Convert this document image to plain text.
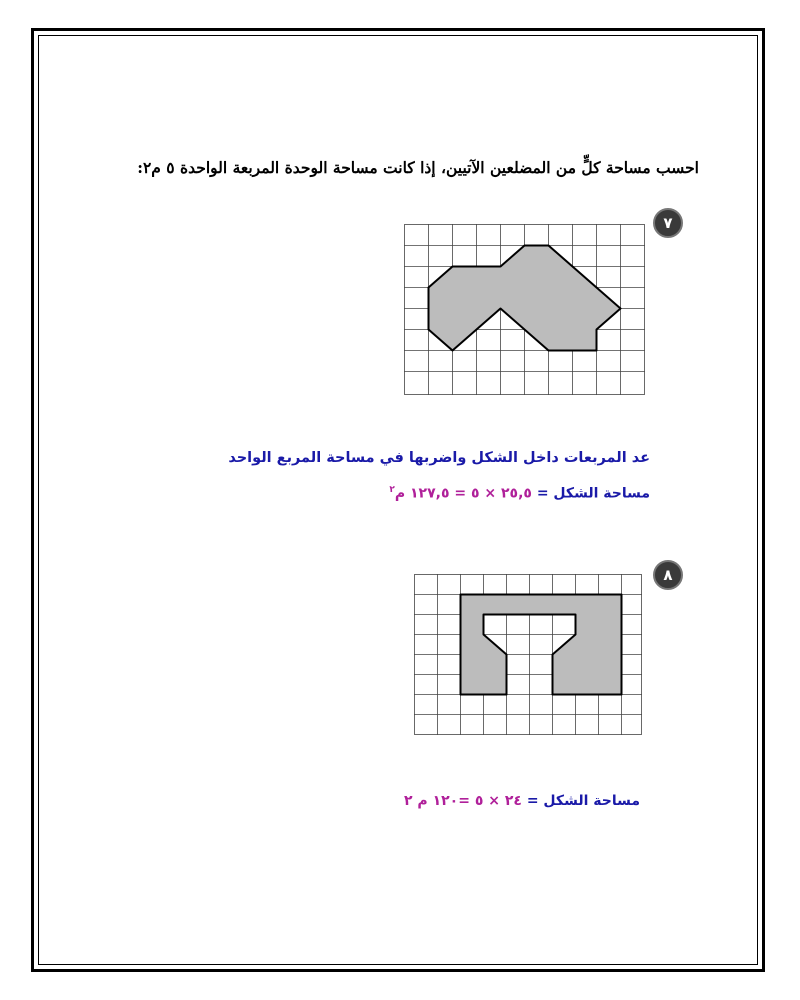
احسب مساحة كلٍّ من المضلعين الآتيين، إذا كانت مساحة الوحدة المربعة الواحدة ٥ م٢:
٧
عد المربعات داخل الشكل واضربها في مساحة المربع الواحد
مساحة الشكل = ٢٥,٥ × ٥ = ١٢٧,٥ م$^٢$
٨
مساحة الشكل = ٢٤ × ٥ =١٢٠ م ٢
